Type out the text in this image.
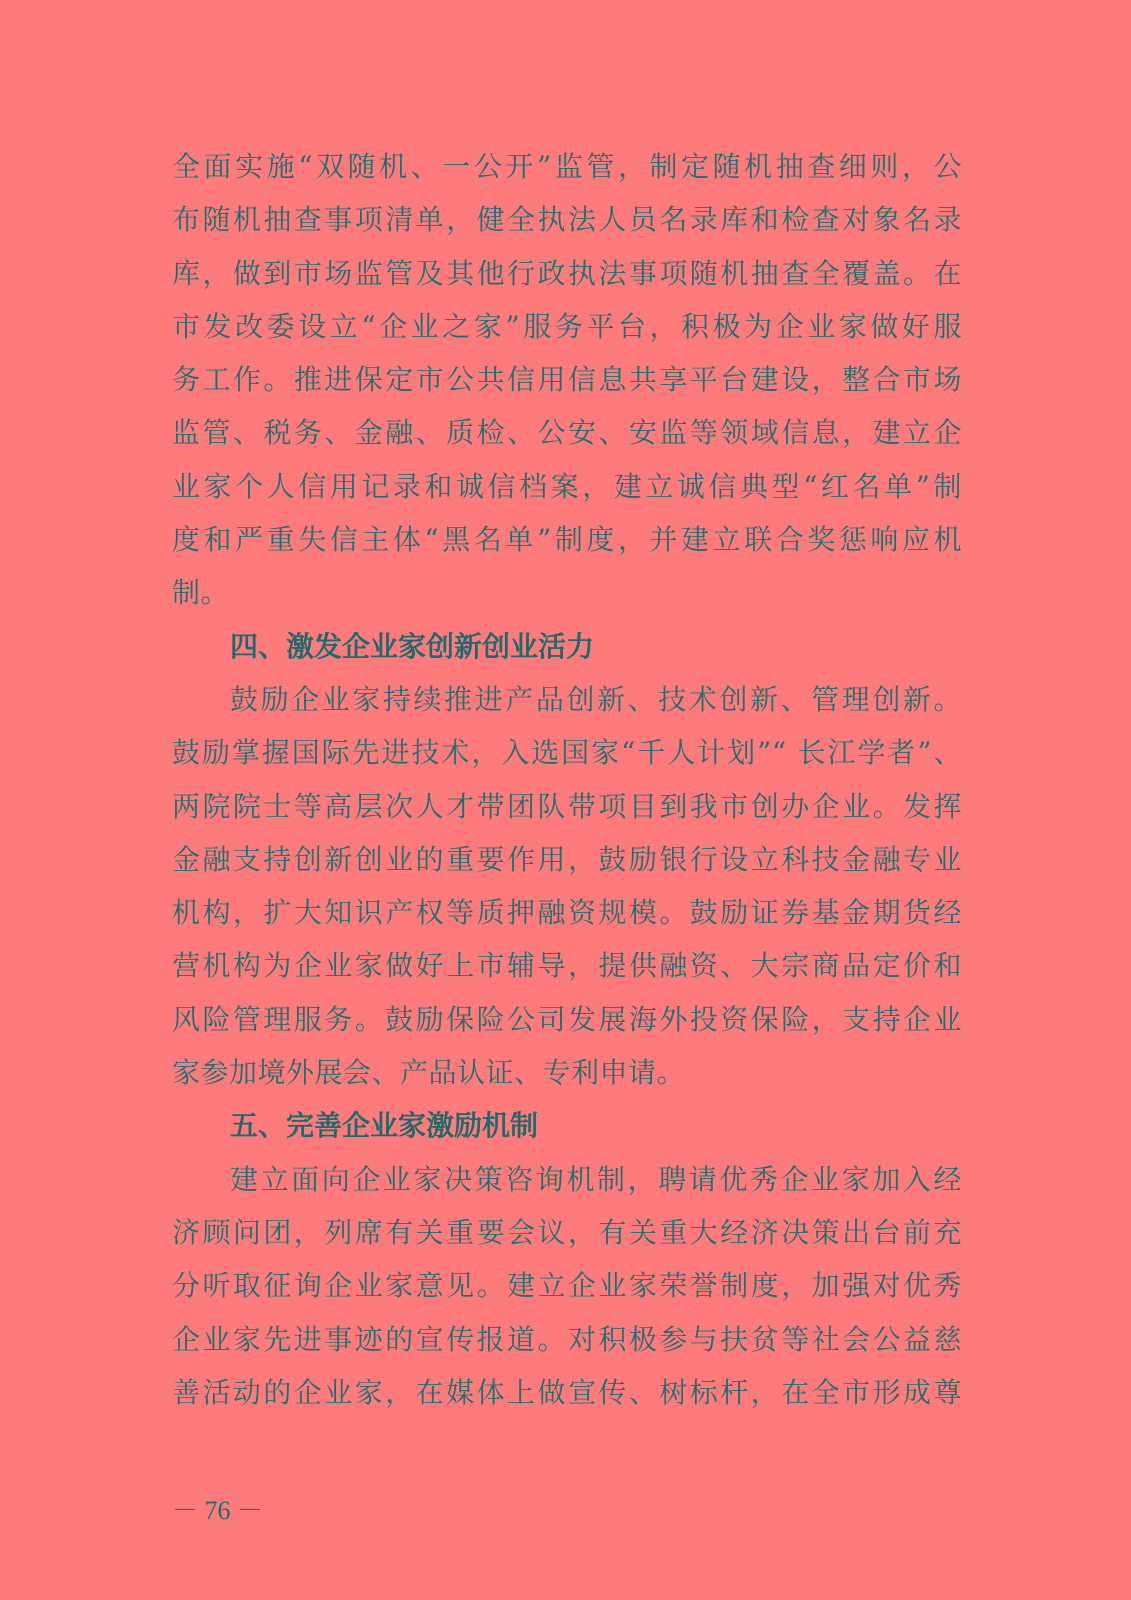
全面实施“双随机、一公开”监管，制定随机抽查细则，公
布随机抽查事项清单，健全执法人员名录库和检查对象名录
库，做到市场监管及其他行政执法事项随机抽查全覆盖。在
市发改委设立“企业之家”服务平台，积极为企业家做好服
务工作。推进保定市公共信用信息共享平台建设，整合市场
监管、税务、金融、质检、公安、安监等领域信息，建立企
业家个人信用记录和诚信档案，建立诚信典型“红名单”制
度和严重失信主体“黑名单”制度，并建立联合奖惩响应机
制。
四、激发企业家创新创业活力
鼓励企业家持续推进产品创新、技术创新、管理创新。
鼓励掌握国际先进技术，入选国家“千人计划”“ 长江学者”、
两院院士等高层次人才带团队带项目到我市创办企业。发挥
金融支持创新创业的重要作用，鼓励银行设立科技金融专业
机构，扩大知识产权等质押融资规模。鼓励证券基金期货经
营机构为企业家做好上市辅导，提供融资、大宗商品定价和
风险管理服务。鼓励保险公司发展海外投资保险，支持企业
家参加境外展会、产品认证、专利申请。
五、完善企业家激励机制
建立面向企业家决策咨询机制，聘请优秀企业家加入经
济顾问团，列席有关重要会议，有关重大经济决策出台前充
分听取征询企业家意见。建立企业家荣誉制度，加强对优秀
企业家先进事迹的宣传报道。对积极参与扶贫等社会公益慈
善活动的企业家，在媒体上做宣传、树标杆，在全市形成尊
－ 76 －
